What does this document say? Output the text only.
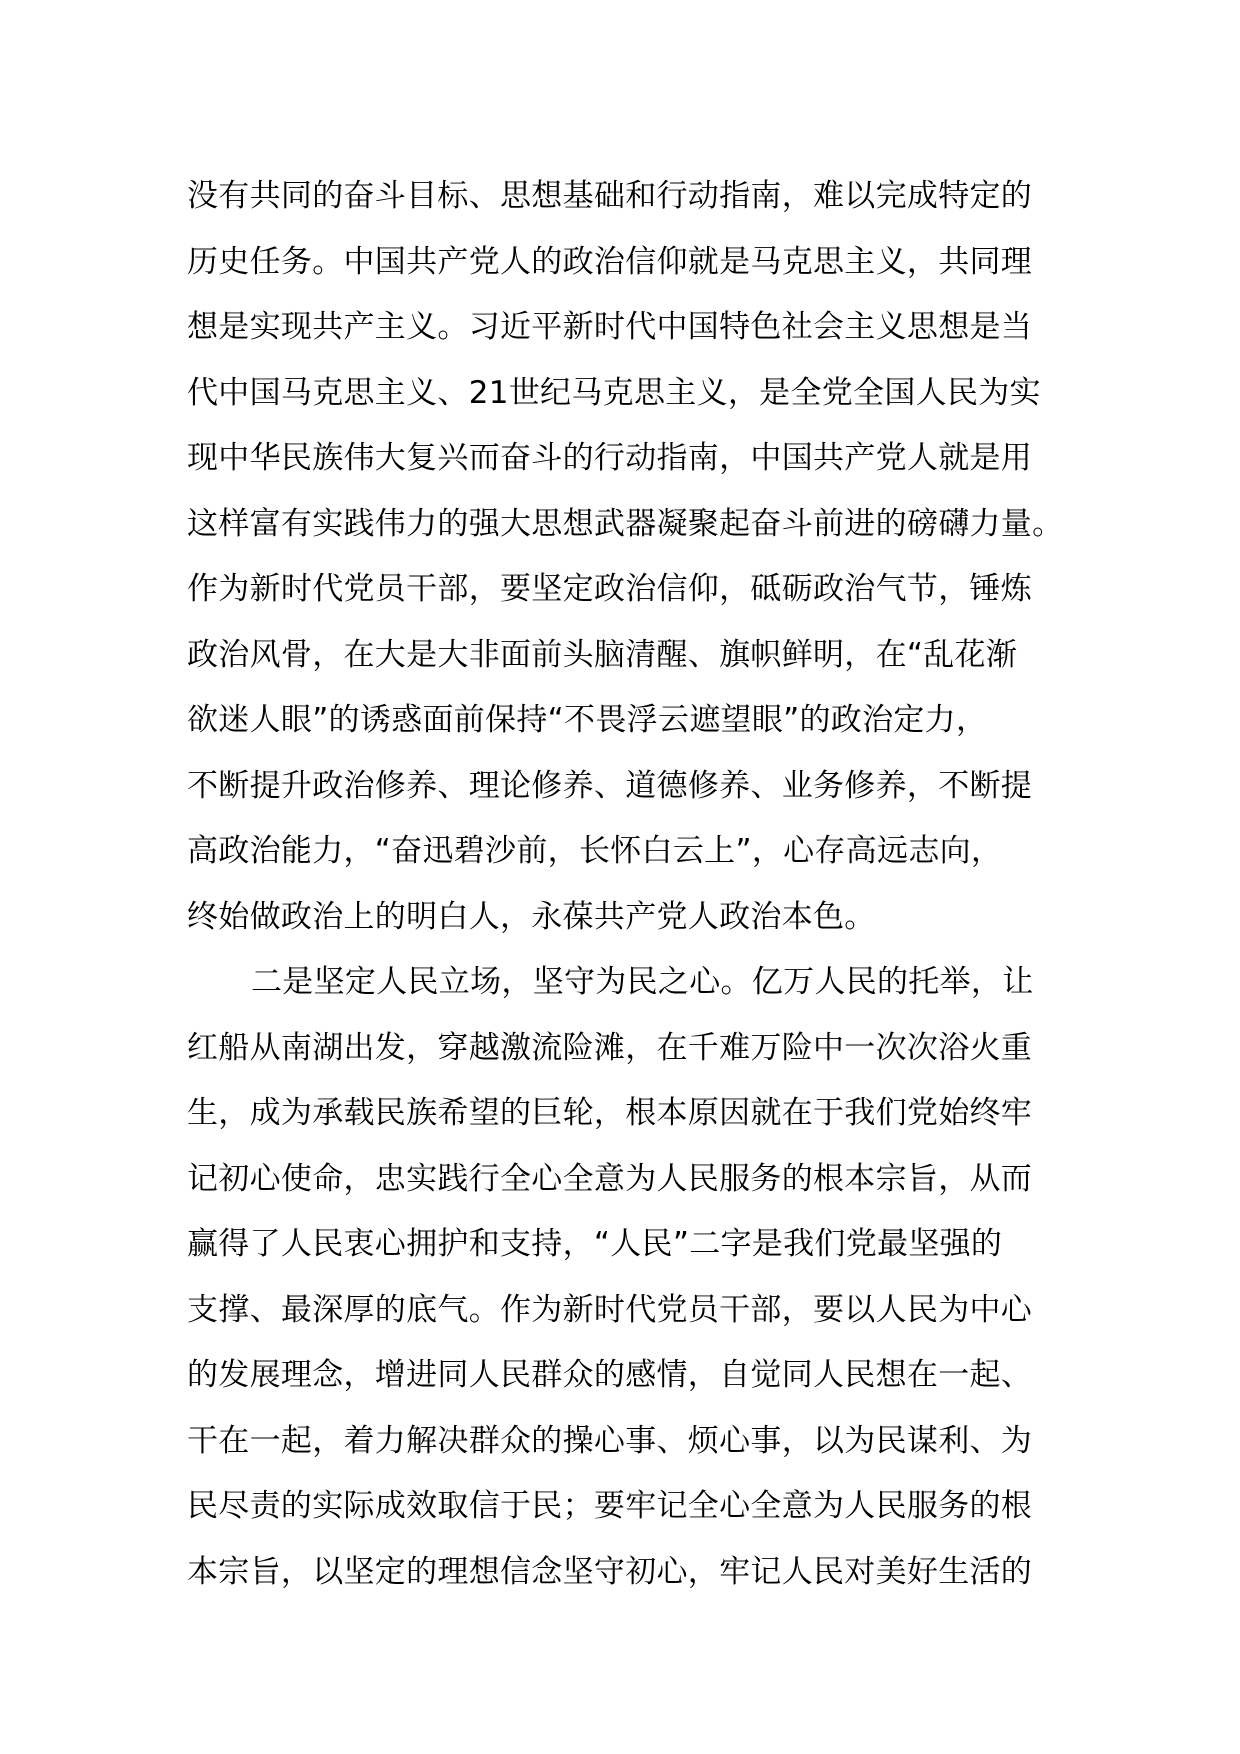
没有共同的奋斗目标、思想基础和行动指南，难以完成特定的
历史任务。中国共产党人的政治信仰就是马克思主义，共同理
想是实现共产主义。习近平新时代中国特色社会主义思想是当
代中国马克思主义、21世纪马克思主义，是全党全国人民为实
现中华民族伟大复兴而奋斗的行动指南，中国共产党人就是用
这样富有实践伟力的强大思想武器凝聚起奋斗前进的磅礴力量。
作为新时代党员干部，要坚定政治信仰，砥砺政治气节，锤炼
政治风骨，在大是大非面前头脑清醒、旗帜鲜明，在“乱花渐
欲迷人眼”的诱惑面前保持“不畏浮云遮望眼”的政治定力，
不断提升政治修养、理论修养、道德修养、业务修养，不断提
高政治能力，“奋迅碧沙前，长怀白云上”，心存高远志向，
终始做政治上的明白人，永葆共产党人政治本色。
二是坚定人民立场，坚守为民之心。亿万人民的托举，让
红船从南湖出发，穿越激流险滩，在千难万险中一次次浴火重
生，成为承载民族希望的巨轮，根本原因就在于我们党始终牢
记初心使命，忠实践行全心全意为人民服务的根本宗旨，从而
赢得了人民衷心拥护和支持，“人民”二字是我们党最坚强的
支撑、最深厚的底气。作为新时代党员干部，要以人民为中心
的发展理念，增进同人民群众的感情，自觉同人民想在一起、
干在一起，着力解决群众的操心事、烦心事，以为民谋利、为
民尽责的实际成效取信于民；要牢记全心全意为人民服务的根
本宗旨，以坚定的理想信念坚守初心，牢记人民对美好生活的
